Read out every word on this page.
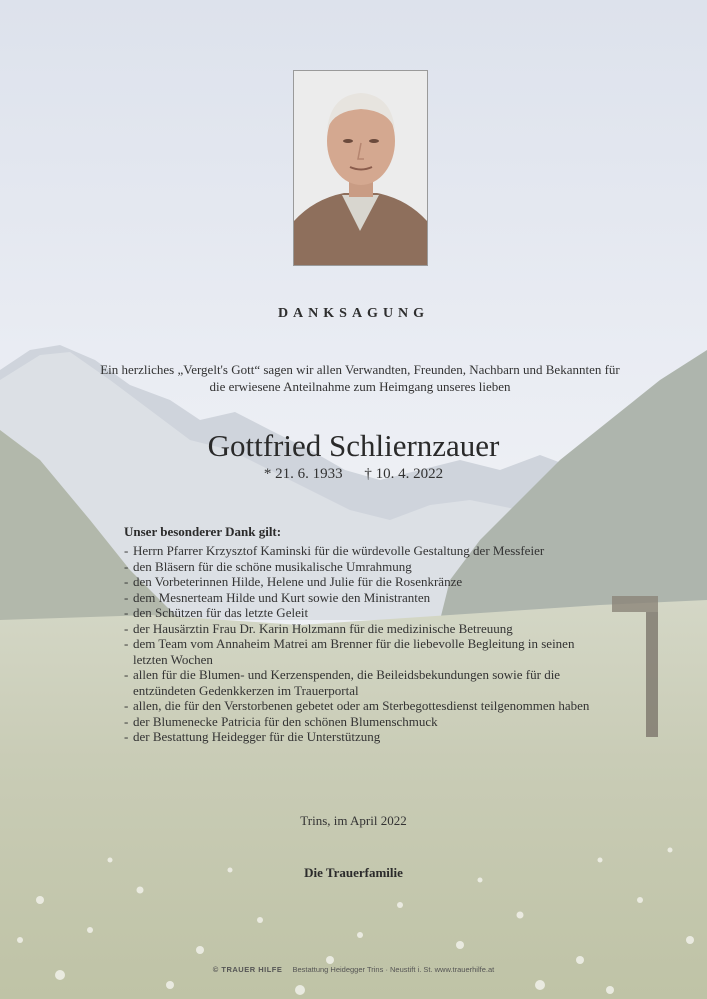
DANKSAGUNG
Ein herzliches „Vergelt's Gott“ sagen wir allen Verwandten, Freunden, Nachbarn und Bekannten für die erwiesene Anteilnahme zum Heimgang unseres lieben
Gottfried Schliernzauer
* 21. 6. 1933 † 10. 4. 2022
Unser besonderer Dank gilt:
- Herrn Pfarrer Krzysztof Kaminski für die würdevolle Gestaltung der Messfeier
- den Bläsern für die schöne musikalische Umrahmung
- den Vorbeterinnen Hilde, Helene und Julie für die Rosenkränze
- dem Mesnerteam Hilde und Kurt sowie den Ministranten
- den Schützen für das letzte Geleit
- der Hausärztin Frau Dr. Karin Holzmann für die medizinische Betreuung
- dem Team vom Annaheim Matrei am Brenner für die liebevolle Begleitung in seinen letzten Wochen
- allen für die Blumen- und Kerzenspenden, die Beileidsbekundungen sowie für die entzündeten Gedenkkerzen im Trauerportal
- allen, die für den Verstorbenen gebetet oder am Sterbegottesdienst teilgenommen haben
- der Blumenecke Patricia für den schönen Blumenschmuck
- der Bestattung Heidegger für die Unterstützung
Trins, im April 2022
Die Trauerfamilie
© TRAUER HILFE Bestattung Heidegger Trins · Neustift i. St. www.trauerhilfe.at
